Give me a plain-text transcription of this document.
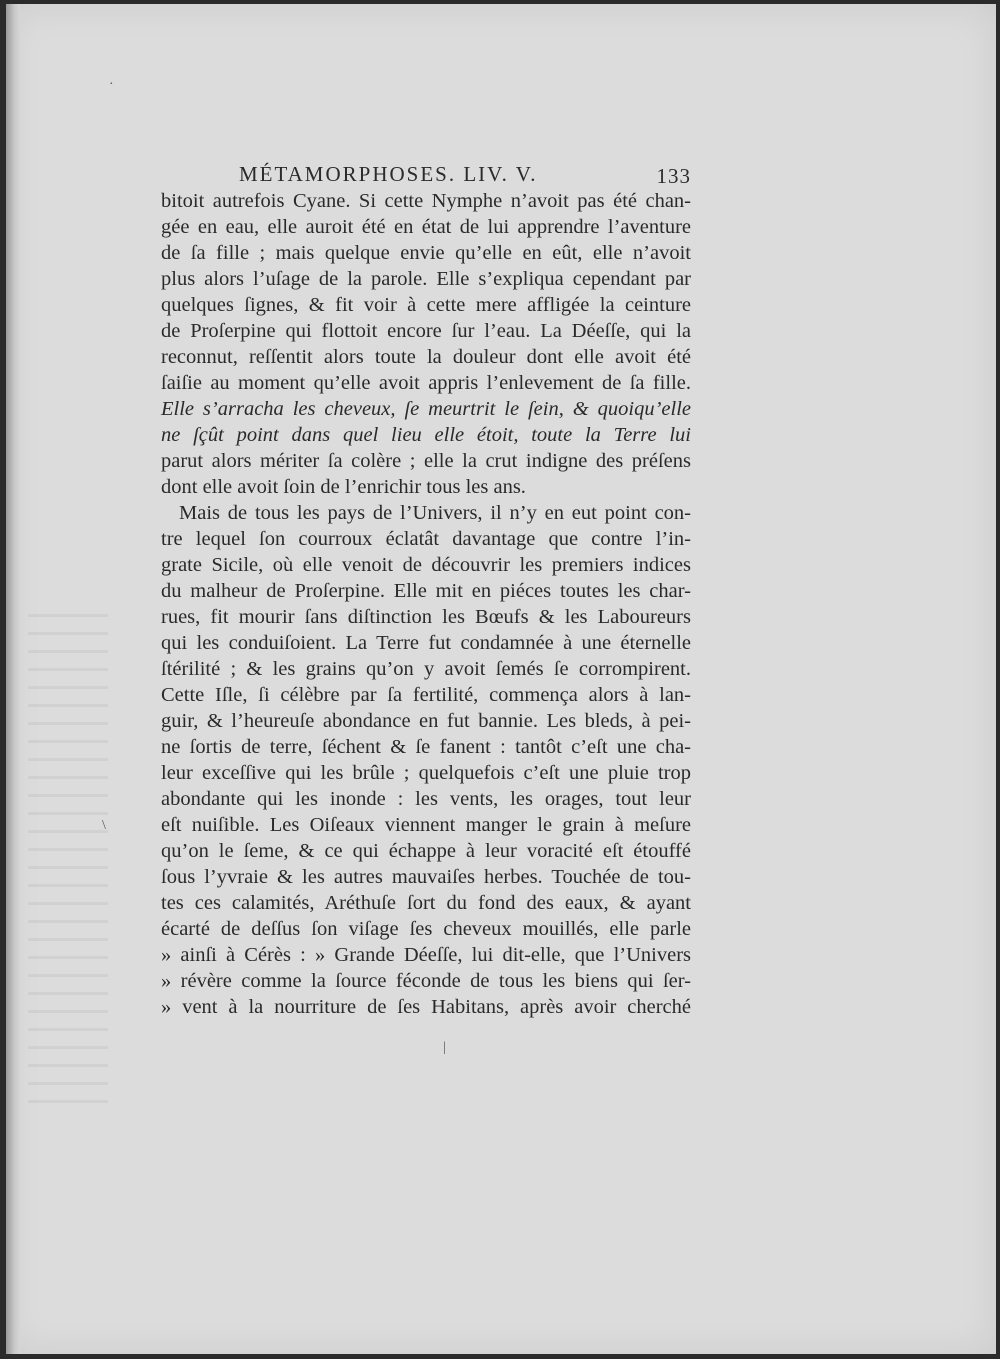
MÉTAMORPHOSES. LIV. V.	133
bitoit autrefois Cyane. Si cette Nymphe n’avoit pas été chan-
gée en eau, elle auroit été en état de lui apprendre l’aventure
de ſa fille ; mais quelque envie qu’elle en eût, elle n’avoit
plus alors l’uſage de la parole. Elle s’expliqua cependant par
quelques ſignes, & fit voir à cette mere affligée la ceinture
de Proſerpine qui flottoit encore ſur l’eau. La Déeſſe, qui la
reconnut, reſſentit alors toute la douleur dont elle avoit été
ſaiſie au moment qu’elle avoit appris l’enlevement de ſa fille.
Elle s’arracha les cheveux, ſe meurtrit le ſein, & quoiqu’elle
ne ſçût point dans quel lieu elle étoit, toute la Terre lui
parut alors mériter ſa colère ; elle la crut indigne des préſens
dont elle avoit ſoin de l’enrichir tous les ans.
Mais de tous les pays de l’Univers, il n’y en eut point con-
tre lequel ſon courroux éclatât davantage que contre l’in-
grate Sicile, où elle venoit de découvrir les premiers indices
du malheur de Proſerpine. Elle mit en piéces toutes les char-
rues, fit mourir ſans diſtinction les Bœufs & les Laboureurs
qui les conduiſoient. La Terre fut condamnée à une éternelle
ſtérilité ; & les grains qu’on y avoit ſemés ſe corrompirent.
Cette Iſle, ſi célèbre par ſa fertilité, commença alors à lan-
guir, & l’heureuſe abondance en fut bannie. Les bleds, à pei-
ne ſortis de terre, ſéchent & ſe fanent : tantôt c’eſt une cha-
leur exceſſive qui les brûle ; quelquefois c’eſt une pluie trop
abondante qui les inonde : les vents, les orages, tout leur
eſt nuiſible. Les Oiſeaux viennent manger le grain à meſure
qu’on le ſeme, & ce qui échappe à leur voracité eſt étouffé
ſous l’yvraie & les autres mauvaiſes herbes. Touchée de tou-
tes ces calamités, Aréthuſe ſort du fond des eaux, & ayant
écarté de deſſus ſon viſage ſes cheveux mouillés, elle parle
» ainſi à Cérès : » Grande Déeſſe, lui dit-elle, que l’Univers
» révère comme la ſource féconde de tous les biens qui ſer-
» vent à la nourriture de ſes Habitans, après avoir cherché
·
\
|
